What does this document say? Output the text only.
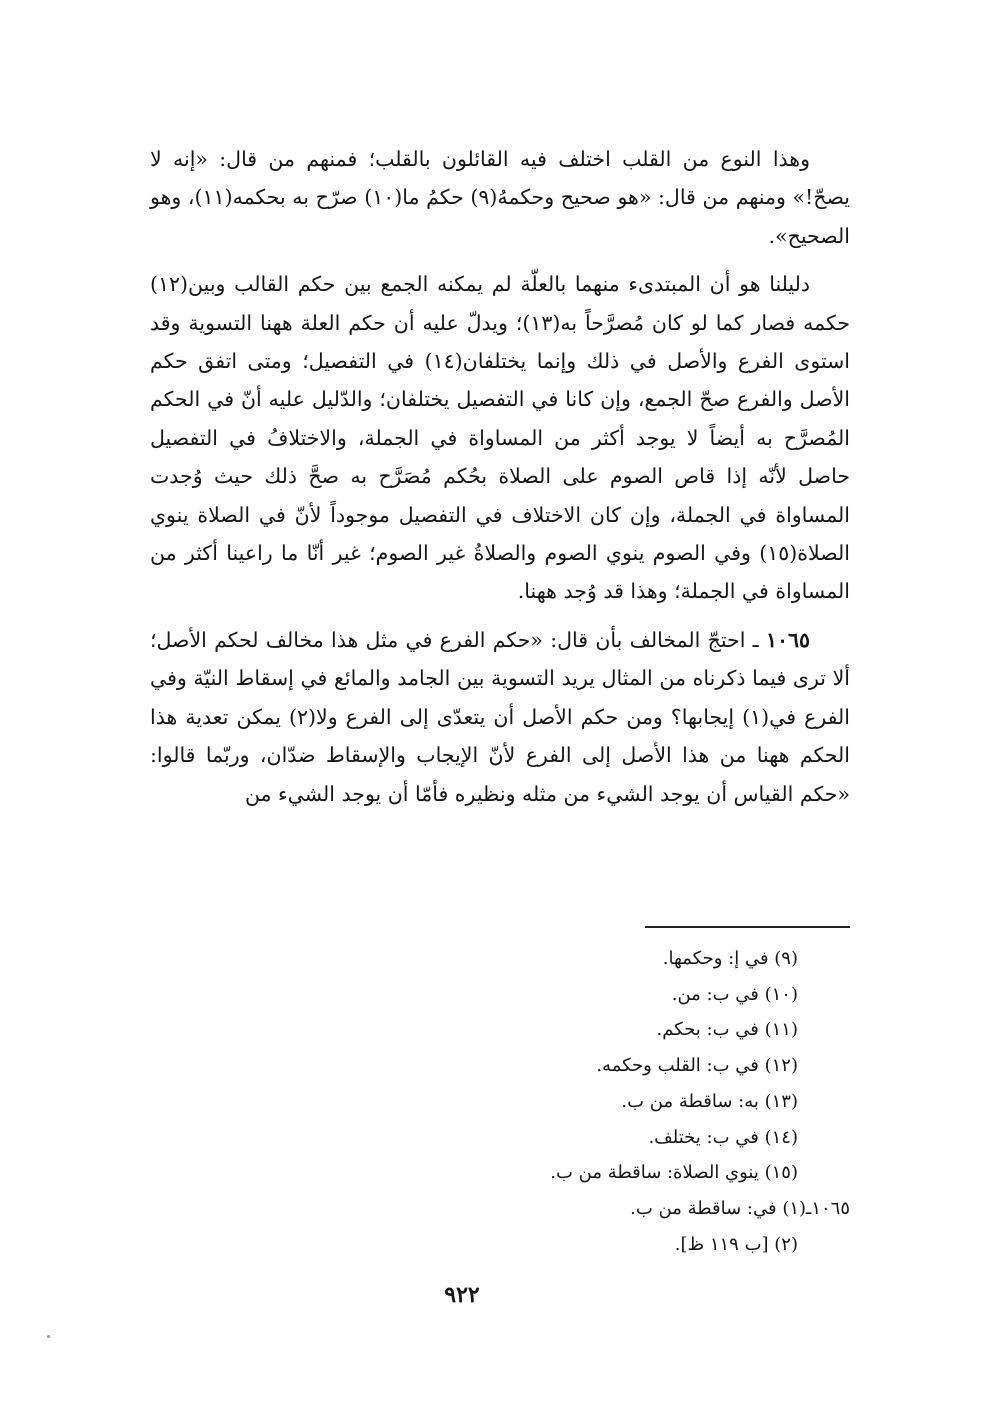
وهذا النوع من القلب اختلف فيه القائلون بالقلب؛ فمنهم من قال: «إنه لا يصحّ!» ومنهم من قال: «هو صحيح وحكمهُ(٩) حكمُ ما(١٠) صرّح به بحكمه(١١)، وهو الصحيح».

دليلنا هو أن المبتدىء منهما بالعلّة لم يمكنه الجمع بين حكم القالب وبين(١٢) حكمه فصار كما لو كان مُصرَّحاً به(١٣)؛ ويدلّ عليه أن حكم العلة ههنا التسوية وقد استوى الفرع والأصل في ذلك وإنما يختلفان(١٤) في التفصيل؛ ومتى اتفق حكم الأصل والفرع صحّ الجمع، وإن كانا في التفصيل يختلفان؛ والدّليل عليه أنّ في الحكم المُصرَّح به أيضاً لا يوجد أكثر من المساواة في الجملة، والاختلافُ في التفصيل حاصل لأنّه إذا قاص الصوم على الصلاة بحُكم مُصَرَّح به صحَّ ذلك حيث وُجدت المساواة في الجملة، وإن كان الاختلاف في التفصيل موجوداً لأنّ في الصلاة ينوي الصلاة(١٥) وفي الصوم ينوي الصوم والصلاةُ غير الصوم؛ غير أنّا ما راعينا أكثر من المساواة في الجملة؛ وهذا قد وُجد ههنا.

١٠٦٥ ـ احتجّ المخالف بأن قال: «حكم الفرع في مثل هذا مخالف لحكم الأصل؛ ألا ترى فيما ذكرناه من المثال يريد التسوية بين الجامد والمائع في إسقاط النيّة وفي الفرع في(١) إيجابها؟ ومن حكم الأصل أن يتعدّى إلى الفرع ولا(٢) يمكن تعدية هذا الحكم ههنا من هذا الأصل إلى الفرع لأنّ الإيجاب والإسقاط ضدّان، وربّما قالوا: «حكم القياس أن يوجد الشيء من مثله ونظيره فأمّا أن يوجد الشيء من

(٩) في إ: وحكمها.
(١٠) في ب: من.
(١١) في ب: بحكم.
(١٢) في ب: القلب وحكمه.
(١٣) به: ساقطة من ب.
(١٤) في ب: يختلف.
(١٥) ينوي الصلاة: ساقطة من ب.
١٠٦٥ـ(١) في: ساقطة من ب.
(٢) [ب ١١٩ ظ].
٩٢٢
